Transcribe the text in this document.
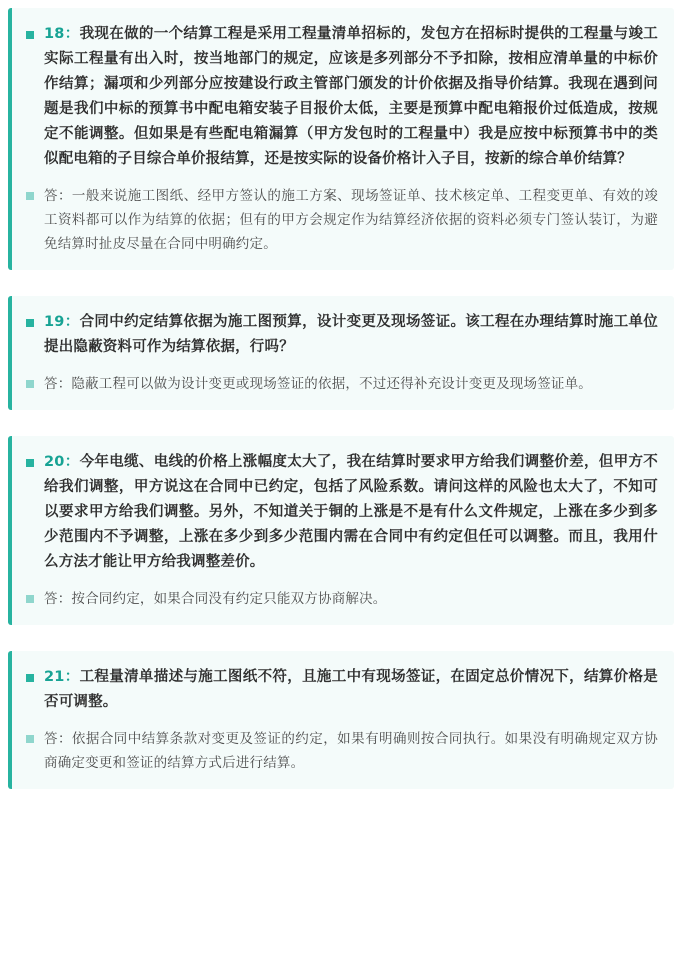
18：我现在做的一个结算工程是采用工程量清单招标的，发包方在招标时提供的工程量与竣工实际工程量有出入时，按当地部门的规定，应该是多列部分不予扣除，按相应清单量的中标价作结算；漏项和少列部分应按建设行政主管部门颁发的计价依据及指导价结算。我现在遇到问题是我们中标的预算书中配电箱安装子目报价太低，主要是预算中配电箱报价过低造成，按规定不能调整。但如果是有些配电箱漏算（甲方发包时的工程量中）我是应按中标预算书中的类似配电箱的子目综合单价报结算，还是按实际的设备价格计入子目，按新的综合单价结算？
答：一般来说施工图纸、经甲方签认的施工方案、现场签证单、技术核定单、工程变更单、有效的竣工资料都可以作为结算的依据；但有的甲方会规定作为结算经济依据的资料必须专门签认装订，为避免结算时扯皮尽量在合同中明确约定。
19：合同中约定结算依据为施工图预算，设计变更及现场签证。该工程在办理结算时施工单位提出隐蔽资料可作为结算依据，行吗？
答：隐蔽工程可以做为设计变更或现场签证的依据，不过还得补充设计变更及现场签证单。
20：今年电缆、电线的价格上涨幅度太大了，我在结算时要求甲方给我们调整价差，但甲方不给我们调整，甲方说这在合同中已约定，包括了风险系数。请问这样的风险也太大了，不知可以要求甲方给我们调整。另外，不知道关于铜的上涨是不是有什么文件规定，上涨在多少到多少范围内不予调整，上涨在多少到多少范围内需在合同中有约定但任可以调整。而且，我用什么方法才能让甲方给我调整差价。
答：按合同约定，如果合同没有约定只能双方协商解决。
21：工程量清单描述与施工图纸不符，且施工中有现场签证，在固定总价情况下，结算价格是否可调整。
答：依据合同中结算条款对变更及签证的约定，如果有明确则按合同执行。如果没有明确规定双方协商确定变更和签证的结算方式后进行结算。
